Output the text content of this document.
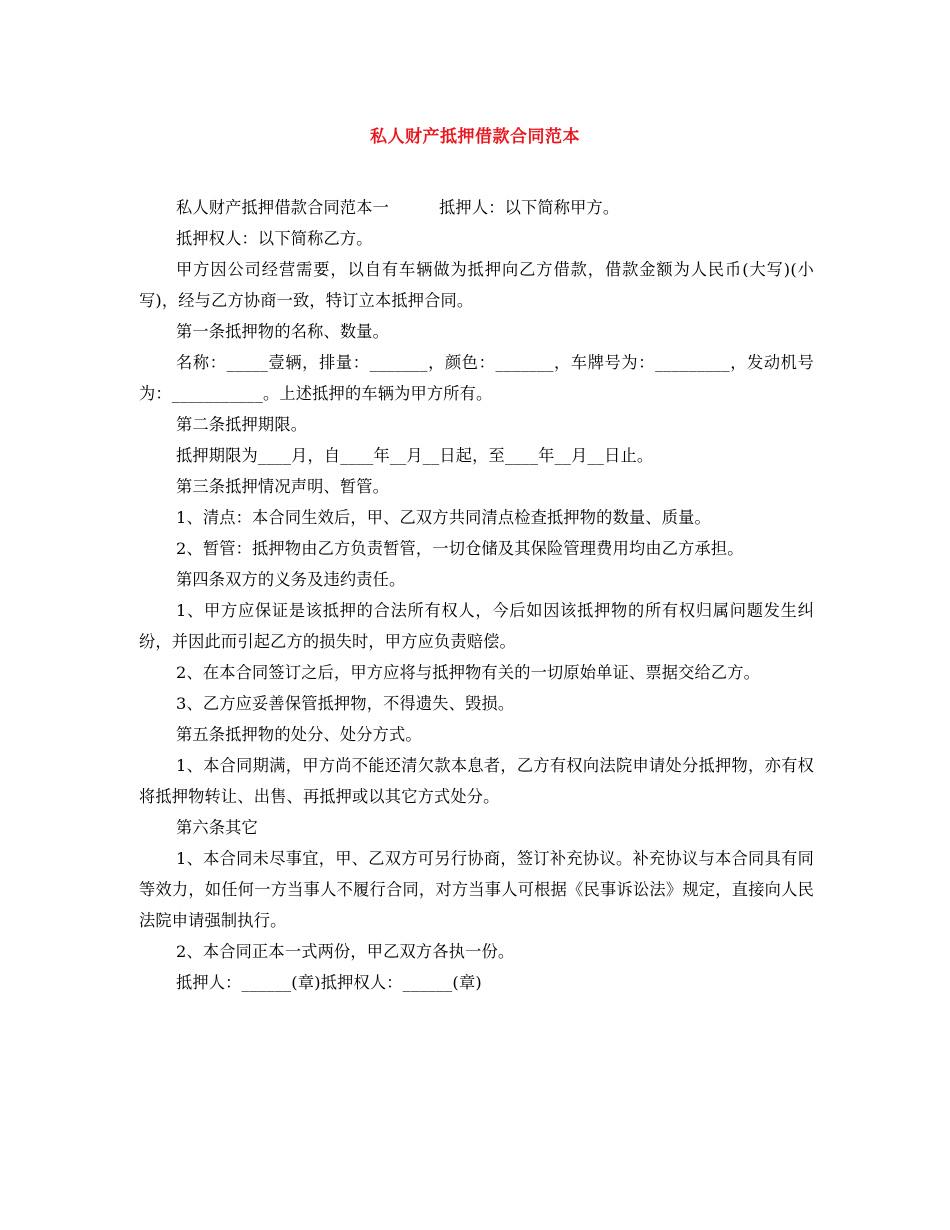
私人财产抵押借款合同范本

私人财产抵押借款合同范本一	抵押人：以下简称甲方。

抵押权人：以下简称乙方。

甲方因公司经营需要，以自有车辆做为抵押向乙方借款，借款金额为人民币(大写)(小写)，经与乙方协商一致，特订立本抵押合同。

第一条抵押物的名称、数量。

名称：_____壹辆，排量：_______，颜色：_______，车牌号为：_________，发动机号为：___________。上述抵押的车辆为甲方所有。

第二条抵押期限。

抵押期限为____月，自____年__月__日起，至____年__月__日止。

第三条抵押情况声明、暂管。

1、清点：本合同生效后，甲、乙双方共同清点检查抵押物的数量、质量。

2、暂管：抵押物由乙方负责暂管，一切仓储及其保险管理费用均由乙方承担。

第四条双方的义务及违约责任。

1、甲方应保证是该抵押的合法所有权人，今后如因该抵押物的所有权归属问题发生纠纷，并因此而引起乙方的损失时，甲方应负责赔偿。

2、在本合同签订之后，甲方应将与抵押物有关的一切原始单证、票据交给乙方。

3、乙方应妥善保管抵押物，不得遗失、毁损。

第五条抵押物的处分、处分方式。

1、本合同期满，甲方尚不能还清欠款本息者，乙方有权向法院申请处分抵押物，亦有权将抵押物转让、出售、再抵押或以其它方式处分。

第六条其它

1、本合同未尽事宜，甲、乙双方可另行协商，签订补充协议。补充协议与本合同具有同等效力，如任何一方当事人不履行合同，对方当事人可根据《民事诉讼法》规定，直接向人民法院申请强制执行。

2、本合同正本一式两份，甲乙双方各执一份。

抵押人：______(章)抵押权人：______(章)
